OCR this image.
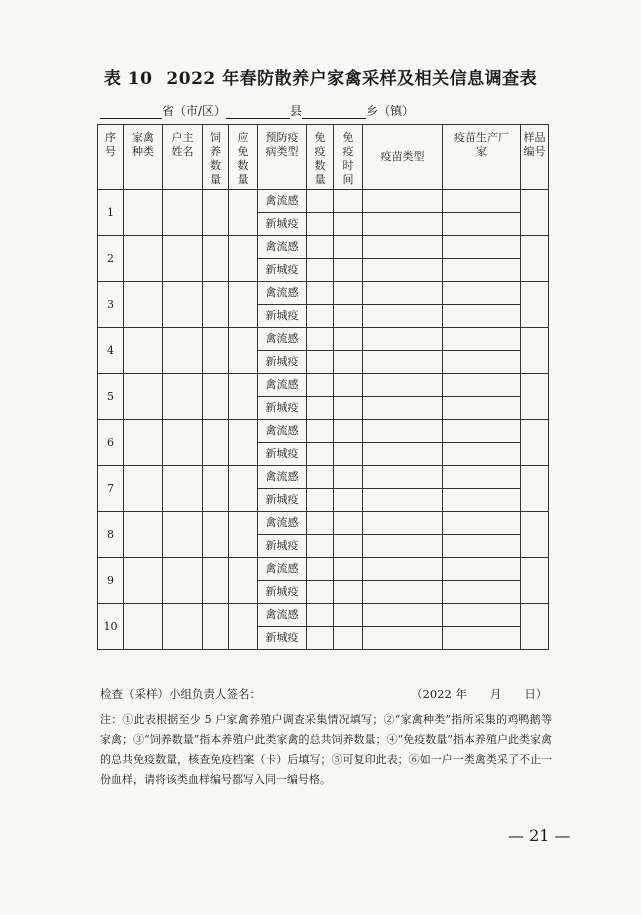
表 10 2022 年春防散养户家禽采样及相关信息调查表
省（市/区）	县	乡（镇）
序号	家禽种类	户主姓名	饲养数量	应免数量	预防疫病类型	免疫数量	免疫时间	疫苗类型	疫苗生产厂家	样品编号
1					禽流感					
					新城疫					
2					禽流感					
					新城疫					
3					禽流感					
					新城疫					
4					禽流感					
					新城疫					
5					禽流感					
					新城疫					
6					禽流感					
					新城疫					
7					禽流感					
					新城疫					
8					禽流感					
					新城疫					
9					禽流感					
					新城疫					
10					禽流感					
					新城疫					
检查（采样）小组负责人签名：	（2022 年　　月　　日）
注：①此表根据至少 5 户家禽养殖户调查采集情况填写；②“家禽种类”指所采集的鸡鸭鹅等家禽；③“饲养数量”指本养殖户此类家禽的总共饲养数量；④“免疫数量”指本养殖户此类家禽的总共免疫数量，核查免疫档案（卡）后填写；⑤可复印此表；⑥如一户一类禽类采了不止一份血样，请将该类血样编号都写入同一编号格。
— 21 —
